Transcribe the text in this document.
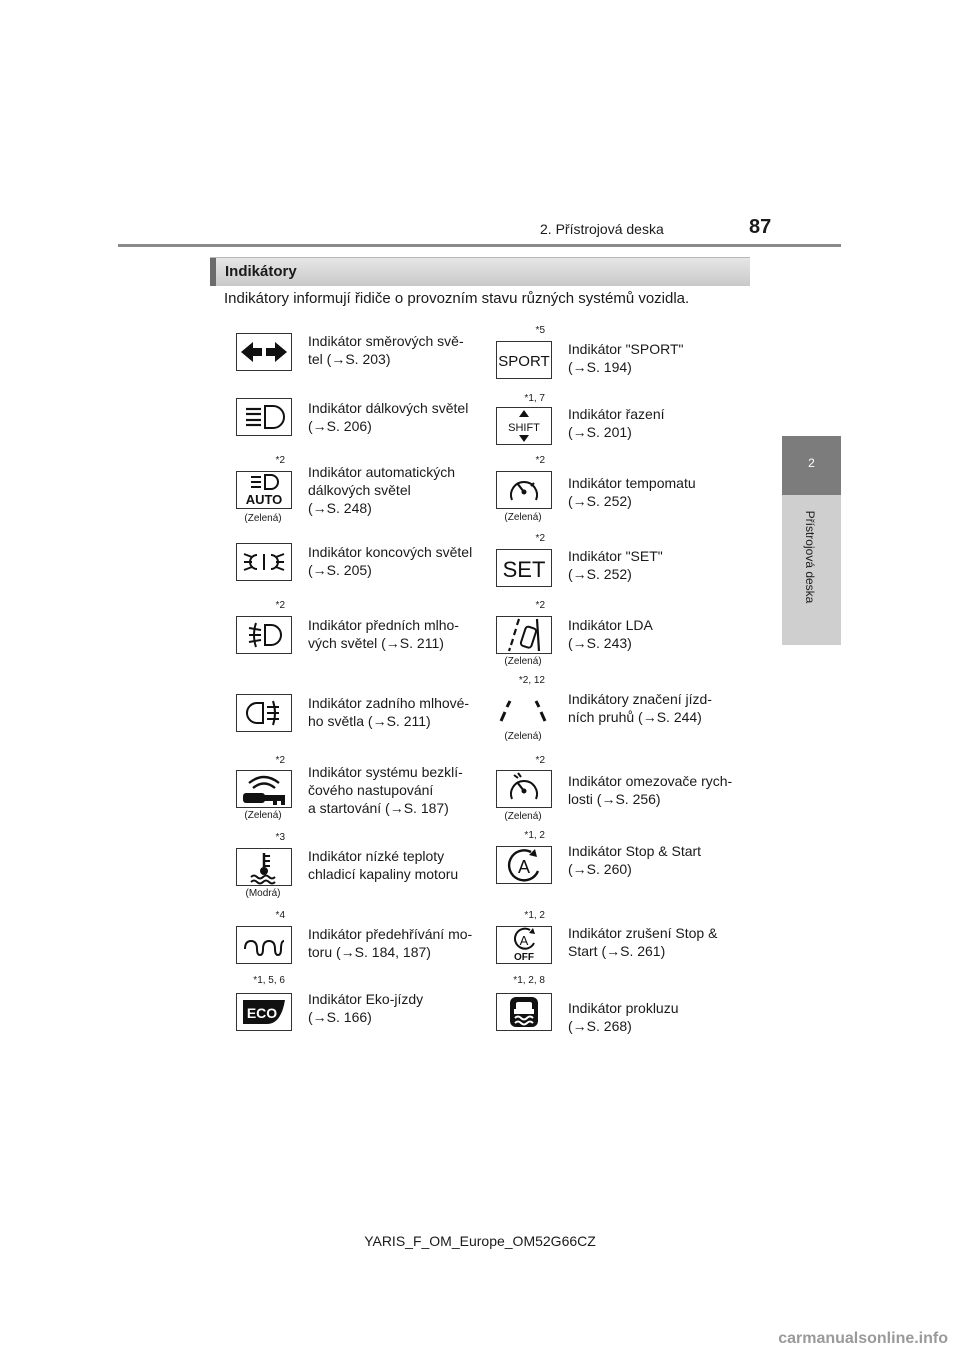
2. Přístrojová deska	87
2
Přístrojová deska
Indikátory
Indikátory informují řidiče o provozním stavu různých systémů vozidla.
Indikátor směrových svě-
tel (→S. 203)
Indikátor dálkových světel
(→S. 206)
*2
AUTO
(Zelená)
Indikátor automatických
dálkových světel
(→S. 248)
Indikátor koncových světel
(→S. 205)
*2
Indikátor předních mlho-
vých světel (→S. 211)
Indikátor zadního mlhové-
ho světla (→S. 211)
*2
(Zelená)
Indikátor systému bezklí-
čového nastupování
a startování (→S. 187)
*3
(Modrá)
Indikátor nízké teploty
chladicí kapaliny motoru
*4
Indikátor předehřívání mo-
toru (→S. 184, 187)
*1, 5, 6
ECO
Indikátor Eko-jízdy
(→S. 166)
*5
SPORT
Indikátor "SPORT"
(→S. 194)
*1, 7
SHIFT
Indikátor řazení
(→S. 201)
*2
(Zelená)
Indikátor tempomatu
(→S. 252)
*2
SET
Indikátor "SET"
(→S. 252)
*2
(Zelená)
Indikátor LDA
(→S. 243)
*2, 12
(Zelená)
Indikátory značení jízd-
ních pruhů (→S. 244)
*2
(Zelená)
Indikátor omezovače rych-
losti (→S. 256)
*1, 2
A
Indikátor Stop & Start
(→S. 260)
*1, 2
A
OFF
Indikátor zrušení Stop &
Start (→S. 261)
*1, 2, 8
Indikátor prokluzu
(→S. 268)
YARIS_F_OM_Europe_OM52G66CZ
carmanualsonline.info
